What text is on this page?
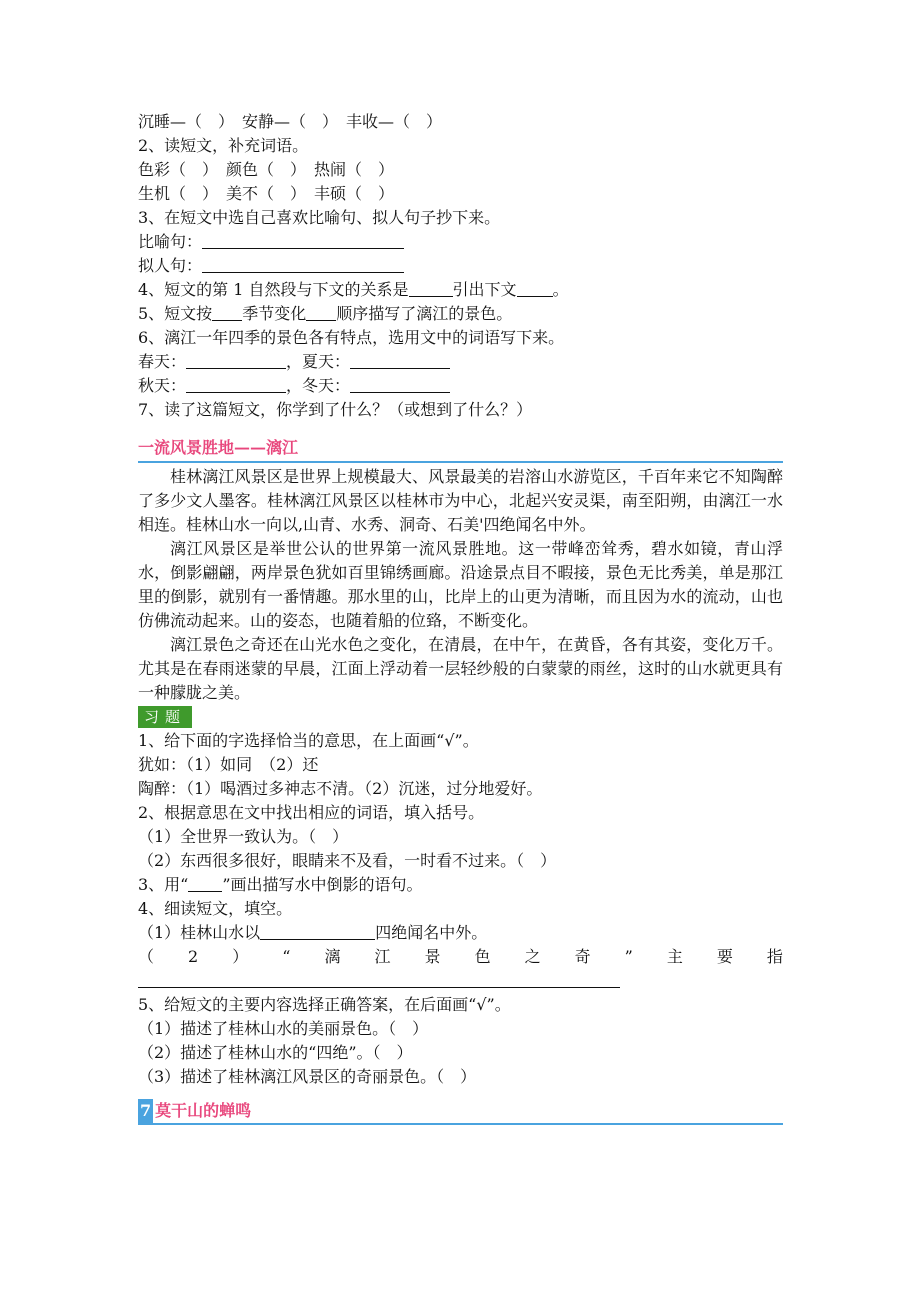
沉睡—（　）　安静—（　）　丰收—（　）
2、读短文，补充词语。
色彩（　）　颜色（　）　热闹（　）
生机（　）　美不（　）　丰硕（　）
3、在短文中选自己喜欢比喻句、拟人句子抄下来。
比喻句：
拟人句：
4、短文的第 1 自然段与下文的关系是	引出下文 。
5、短文按 季节变化 顺序描写了漓江的景色。
6、漓江一年四季的景色各有特点，选用文中的词语写下来。
春天：	，夏天：
秋天：	，冬天：
7、读了这篇短文，你学到了什么？（或想到了什么？）
一流风景胜地——漓江

桂林漓江风景区是世界上规模最大、风景最美的岩溶山水游览区，千百年来它不知陶醉了多少文人墨客。桂林漓江风景区以桂林市为中心，北起兴安灵渠，南至阳朔，由漓江一水相连。桂林山水一向以,山青、水秀、洞奇、石美'四绝闻名中外。

漓江风景区是举世公认的世界第一流风景胜地。这一带峰峦耸秀，碧水如镜，青山浮水，倒影翩翩，两岸景色犹如百里锦绣画廊。沿途景点目不暇接，景色无比秀美，单是那江里的倒影，就别有一番情趣。那水里的山，比岸上的山更为清晰，而且因为水的流动，山也仿佛流动起来。山的姿态，也随着船的位臵，不断变化。

漓江景色之奇还在山光水色之变化，在清晨，在中午，在黄昏，各有其姿，变化万千。尤其是在春雨迷蒙的早晨，江面上浮动着一层轻纱般的白蒙蒙的雨丝，这时的山水就更具有一种朦胧之美。

习题
1、给下面的字选择恰当的意思，在上面画“√”。
犹如：（1）如同　（2）还
陶醉：（1）喝酒过多神志不清。（2）沉迷，过分地爱好。
2、根据意思在文中找出相应的词语，填入括号。
（1）全世界一致认为。（　）
（2）东西很多很好，眼睛来不及看，一时看不过来。（　）
3、用“ ”画出描写水中倒影的语句。
4、细读短文，填空。
（1）桂林山水以	四绝闻名中外。
（ 2 ） “ 漓 江 景 色 之 奇 ” 主 要 指
5、给短文的主要内容选择正确答案，在后面画“√”。
（1）描述了桂林山水的美丽景色。（　）
（2）描述了桂林山水的“四绝”。（　）
（3）描述了桂林漓江风景区的奇丽景色。（　）
7 莫干山的蝉鸣
